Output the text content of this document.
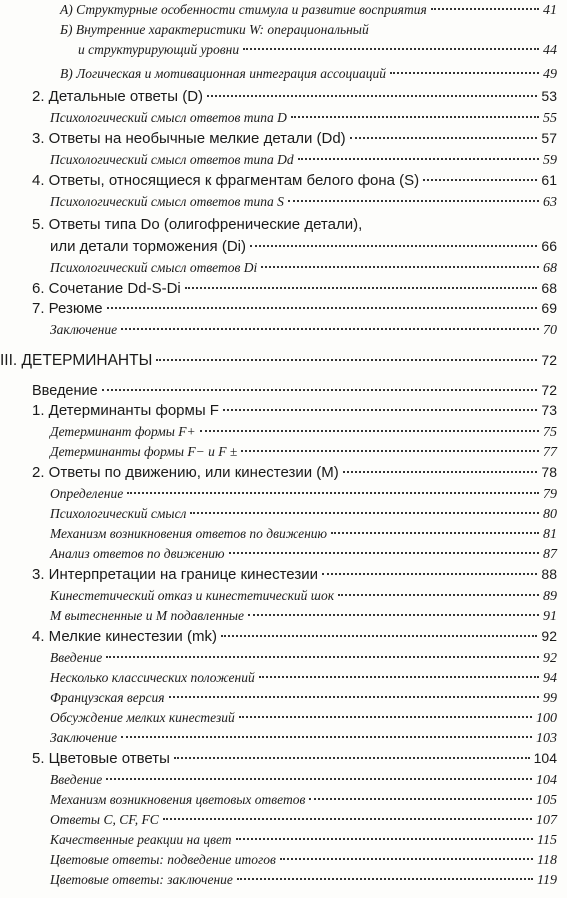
А) Структурные особенности стимула и развитие восприятия	41
Б) Внутренние характеристики W: операциональный
и структурирующий уровни	44
В) Логическая и мотивационная интеграция ассоциаций	49
2. Детальные ответы (D)	53
Психологический смысл ответов типа D	55
3. Ответы на необычные мелкие детали (Dd)	57
Психологический смысл ответов типа Dd	59
4. Ответы, относящиеся к фрагментам белого фона (S)	61
Психологический смысл ответов типа S	63
5. Ответы типа Do (олигофренические детали),
или детали торможения (Di)	66
Психологический смысл ответов Di	68
6. Сочетание Dd-S-Di	68
7. Резюме	69
Заключение	70
III. ДЕТЕРМИНАНТЫ	72
Введение	72
1. Детерминанты формы F	73
Детерминант формы F+	75
Детерминанты формы F− и F ±	77
2. Ответы по движению, или кинестезии (M)	78
Определение	79
Психологический смысл	80
Механизм возникновения ответов по движению	81
Анализ ответов по движению	87
3. Интерпретации на границе кинестезии	88
Кинестетический отказ и кинестетический шок	89
M вытесненные и M подавленные	91
4. Мелкие кинестезии (mk)	92
Введение	92
Несколько классических положений	94
Французская версия	99
Обсуждение мелких кинестезий	100
Заключение	103
5. Цветовые ответы	104
Введение	104
Механизм возникновения цветовых ответов	105
Ответы C, CF, FC	107
Качественные реакции на цвет	115
Цветовые ответы: подведение итогов	118
Цветовые ответы: заключение	119
